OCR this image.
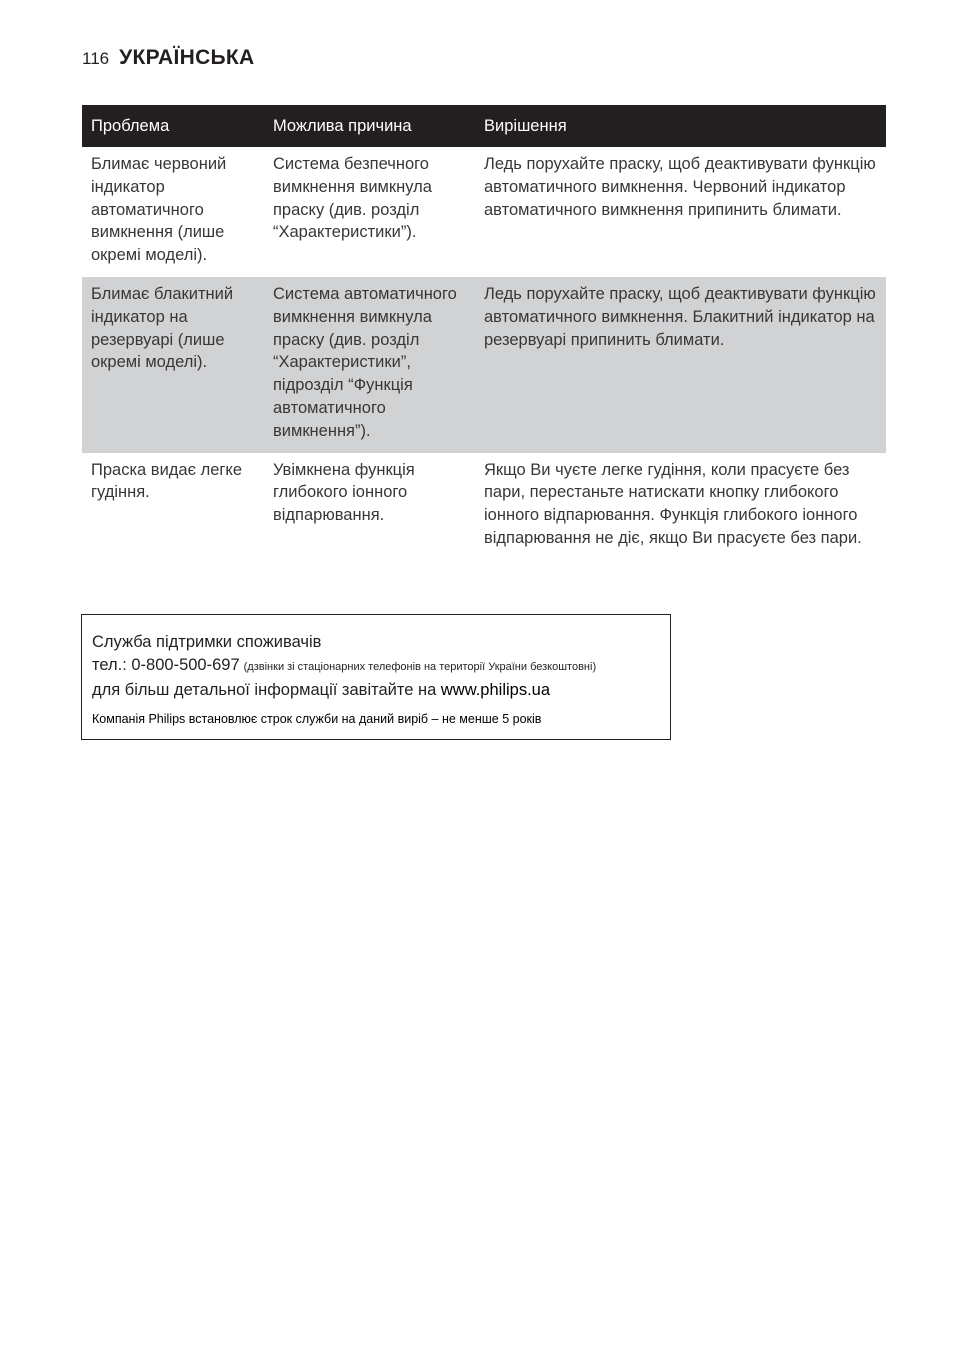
116 УКРАЇНСЬКА
Проблема	Можлива причина	Вирішення
Блимає червоний індикатор автоматичного вимкнення (лише окремі моделі).	Система безпечного вимкнення вимкнула праску (див. розділ “Характеристики”).	Ледь порухайте праску, щоб деактивувати функцію автоматичного вимкнення. Червоний індикатор автоматичного вимкнення припинить блимати.
Блимає блакитний індикатор на резервуарі (лише окремі моделі).	Система автоматичного вимкнення вимкнула праску (див. розділ “Характеристики”, підрозділ “Функція автоматичного вимкнення”).	Ледь порухайте праску, щоб деактивувати функцію автоматичного вимкнення. Блакитний індикатор на резервуарі припинить блимати.
Праска видає легке гудіння.	Увімкнена функція глибокого іонного відпарювання.	Якщо Ви чуєте легке гудіння, коли прасуєте без пари, перестаньте натискати кнопку глибокого іонного відпарювання. Функція глибокого іонного відпарювання не діє, якщо Ви прасуєте без пари.
Служба підтримки споживачів
тел.: 0-800-500-697 (дзвінки зі стаціонарних телефонів на території України безкоштовні)
для більш детальної інформації завітайте на www.philips.ua
Компанія Philips встановлює строк служби на даний виріб – не менше 5 років
